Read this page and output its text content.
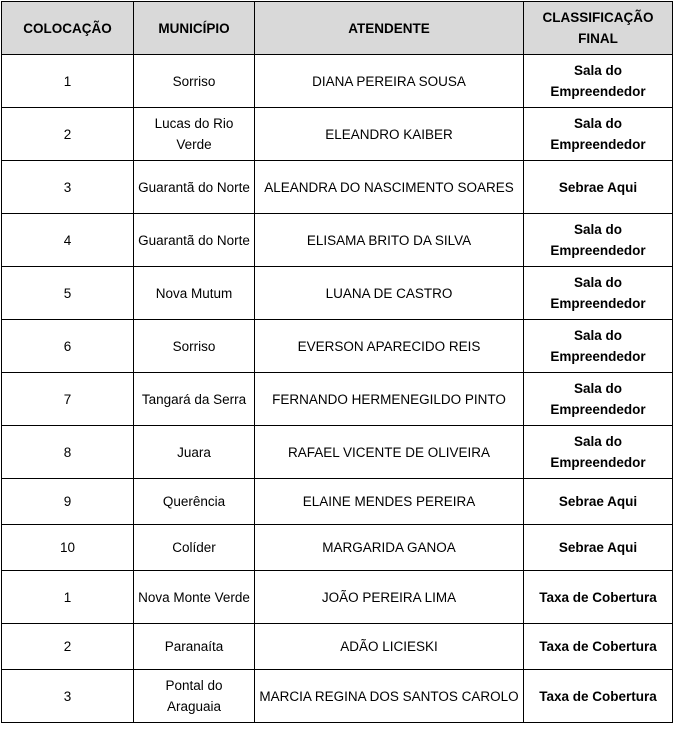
COLOCAÇÃO	MUNICÍPIO	ATENDENTE	CLASSIFICAÇÃO FINAL
1	Sorriso	DIANA PEREIRA SOUSA	Sala do Empreendedor
2	Lucas do Rio Verde	ELEANDRO KAIBER	Sala do Empreendedor
3	Guarantã do Norte	ALEANDRA DO NASCIMENTO SOARES	Sebrae Aqui
4	Guarantã do Norte	ELISAMA BRITO DA SILVA	Sala do Empreendedor
5	Nova Mutum	LUANA DE CASTRO	Sala do Empreendedor
6	Sorriso	EVERSON APARECIDO REIS	Sala do Empreendedor
7	Tangará da Serra	FERNANDO HERMENEGILDO PINTO	Sala do Empreendedor
8	Juara	RAFAEL VICENTE DE OLIVEIRA	Sala do Empreendedor
9	Querência	ELAINE MENDES PEREIRA	Sebrae Aqui
10	Colíder	MARGARIDA GANOA	Sebrae Aqui
1	Nova Monte Verde	JOÃO PEREIRA LIMA	Taxa de Cobertura
2	Paranaíta	ADÃO LICIESKI	Taxa de Cobertura
3	Pontal do Araguaia	MARCIA REGINA DOS SANTOS CAROLO	Taxa de Cobertura
